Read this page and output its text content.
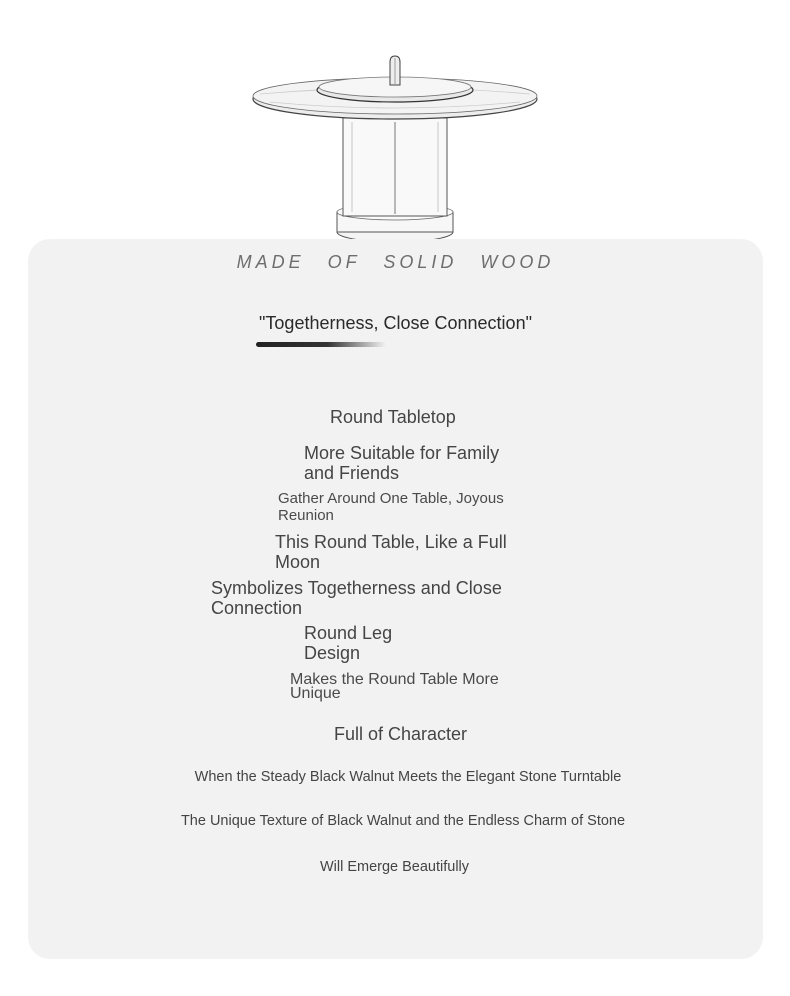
MADE OF SOLID WOOD

"Togetherness, Close Connection"

Round Tabletop

More Suitable for Family and Friends

Gather Around One Table, Joyous Reunion

This Round Table, Like a Full Moon

Symbolizes Togetherness and Close Connection

Round Leg Design

Makes the Round Table More Unique

Full of Character

When the Steady Black Walnut Meets the Elegant Stone Turntable

The Unique Texture of Black Walnut and the Endless Charm of Stone

Will Emerge Beautifully
